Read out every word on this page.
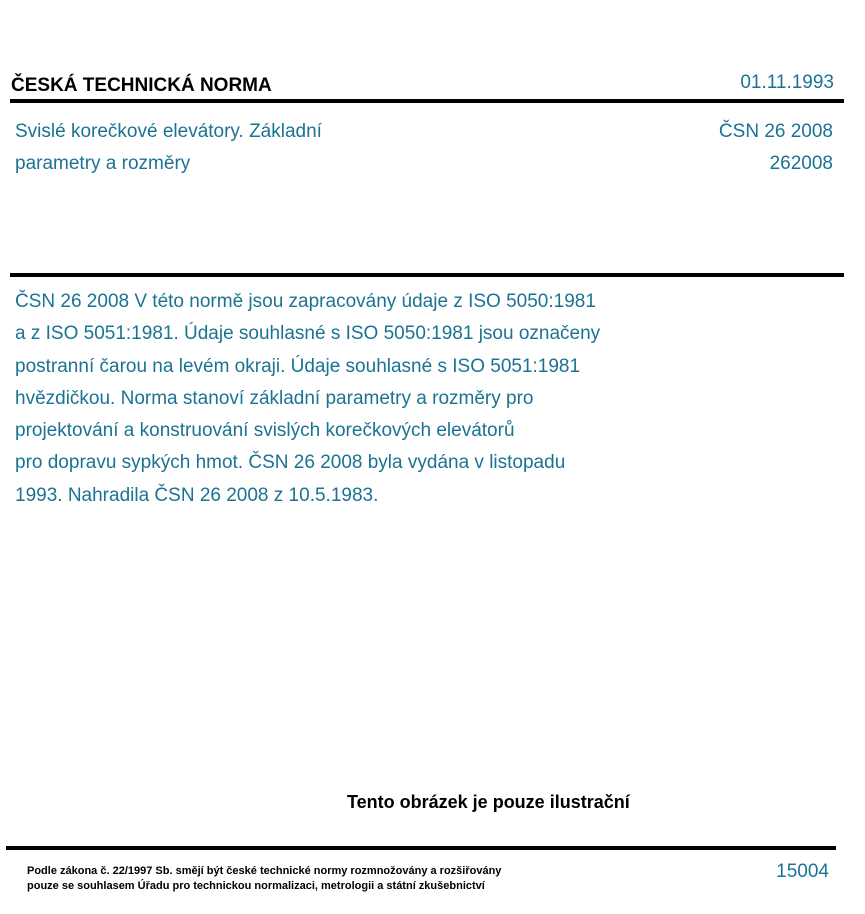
ČESKÁ TECHNICKÁ NORMA	01.11.1993
Svislé korečkové elevátory. Základní
parametry a rozměry
ČSN 26 2008
262008
ČSN 26 2008 V této normě jsou zapracovány údaje z ISO 5050:1981
a z ISO 5051:1981. Údaje souhlasné s ISO 5050:1981 jsou označeny
postranní čarou na levém okraji. Údaje souhlasné s ISO 5051:1981
hvězdičkou. Norma stanoví základní parametry a rozměry pro
projektování a konstruování svislých korečkových elevátorů
pro dopravu sypkých hmot. ČSN 26 2008 byla vydána v listopadu
1993. Nahradila ČSN 26 2008 z 10.5.1983.
Tento obrázek je pouze ilustrační
Podle zákona č. 22/1997 Sb. smějí být české technické normy rozmnožovány a rozšiřovány
pouze se souhlasem Úřadu pro technickou normalizaci, metrologii a státní zkušebnictví
15004
